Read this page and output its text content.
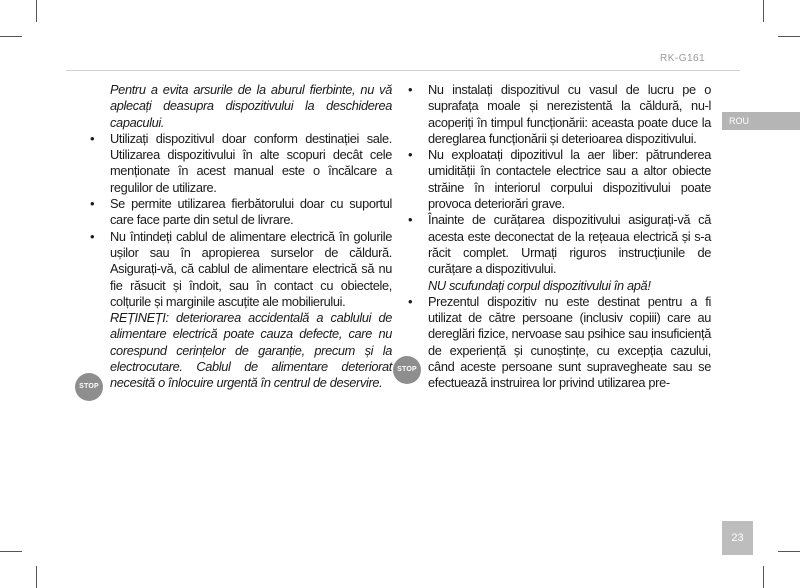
RK-G161
ROU
23

Pentru a evita arsurile de la aburul fierbinte, nu vă aplecați deasupra dispozitivului la deschiderea capacului.

• Utilizați dispozitivul doar conform destinației sale. Utilizarea dispozitivului în alte scopuri decât cele menționate în acest manual este o încălcare a regulilor de utilizare.
• Se permite utilizarea fierbătorului doar cu suportul care face parte din setul de livrare.
• Nu întindeți cablul de alimentare electrică în golurile ușilor sau în apropierea surselor de căldură. Asigurați-vă, că cablul de alimentare electrică să nu fie răsucit și îndoit, sau în contact cu obiectele, colțurile și marginile ascuțite ale mobilierului.

REȚINEȚI: deteriorarea accidentală a cablului de alimentare electrică poate cauza defecte, care nu corespund cerințelor de garanție, precum și la electrocutare. Cablul de alimentare deteriorat necesită o înlocuire urgentă în centrul de deservire.

STOP
• Nu instalați dispozitivul cu vasul de lucru pe o suprafața moale și nerezistentă la căldură, nu-l acoperiți în timpul funcționării: aceasta poate duce la dereglarea funcționării și deterioarea dispozitivului.
• Nu exploatați dipozitivul la aer liber: pătrunderea umidității în contactele electrice sau a altor obiecte străine în interiorul corpului dispozitivului poate provoca deteriorări grave.
• Înainte de curățarea dispozitivului asigurați-vă că acesta este deconectat de la rețeaua electrică și s-a răcit complet. Urmați riguros instrucțiunile de curățare a dispozitivului.

NU scufundați corpul dispozitivului în apă!

• Prezentul dispozitiv nu este destinat pentru a fi utilizat de către persoane (inclusiv copiii) care au dereglări fizice, nervoase sau psihice sau insuficiență de experiență și cunoștințe, cu excepția cazului, când aceste persoane sunt supravegheate sau se efectuează instruirea lor privind utilizarea pre-
STOP
